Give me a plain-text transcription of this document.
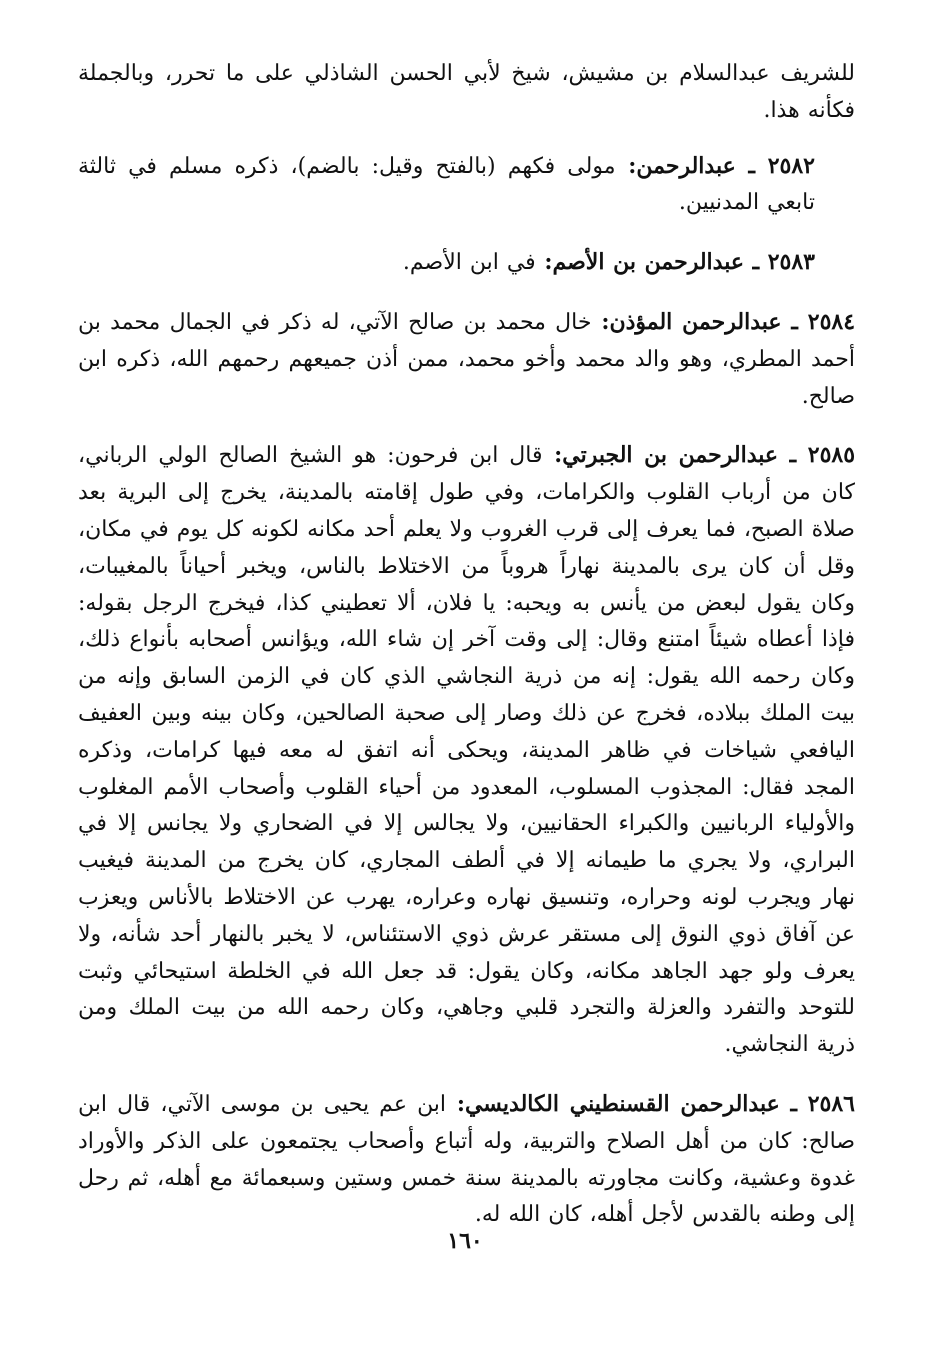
للشريف عبدالسلام بن مشيش، شيخ لأبي الحسن الشاذلي على ما تحرر، وبالجملة فكأنه هذا.

٢٥٨٢ ـ عبدالرحمن: مولى فكهم (بالفتح وقيل: بالضم)، ذكره مسلم في ثالثة تابعي المدنيين.

٢٥٨٣ ـ عبدالرحمن بن الأصم: في ابن الأصم.

٢٥٨٤ ـ عبدالرحمن المؤذن: خال محمد بن صالح الآتي، له ذكر في الجمال محمد بن أحمد المطري، وهو والد محمد وأخو محمد، ممن أذن جميعهم رحمهم الله، ذكره ابن صالح.

٢٥٨٥ ـ عبدالرحمن بن الجبرتي: قال ابن فرحون: هو الشيخ الصالح الولي الرباني، كان من أرباب القلوب والكرامات، وفي طول إقامته بالمدينة، يخرج إلى البرية بعد صلاة الصبح، فما يعرف إلى قرب الغروب ولا يعلم أحد مكانه لكونه كل يوم في مكان، وقل أن كان يرى بالمدينة نهاراً هروباً من الاختلاط بالناس، ويخبر أحياناً بالمغيبات، وكان يقول لبعض من يأنس به ويحبه: يا فلان، ألا تعطيني كذا، فيخرج الرجل بقوله: فإذا أعطاه شيئاً امتنع وقال: إلى وقت آخر إن شاء الله، ويؤانس أصحابه بأنواع ذلك، وكان رحمه الله يقول: إنه من ذرية النجاشي الذي كان في الزمن السابق وإنه من بيت الملك ببلاده، فخرج عن ذلك وصار إلى صحبة الصالحين، وكان بينه وبين العفيف اليافعي شياخات في ظاهر المدينة، ويحكى أنه اتفق له معه فيها كرامات، وذكره المجد فقال: المجذوب المسلوب، المعدود من أحياء القلوب وأصحاب الأمم المغلوب والأولياء الربانيين والكبراء الحقانيين، ولا يجالس إلا في الضحاري ولا يجانس إلا في البراري، ولا يجري ما طيمانه إلا في ألطف المجاري، كان يخرج من المدينة فيغيب نهار ويجرب لونه وحراره، وتنسيق نهاره وعراره، يهرب عن الاختلاط بالأناس ويعزب عن آفاق ذوي النوق إلى مستقر عرش ذوي الاستئناس، لا يخبر بالنهار أحد شأنه، ولا يعرف ولو جهد الجاهد مكانه، وكان يقول: قد جعل الله في الخلطة استيحائي وثبت للتوحد والتفرد والعزلة والتجرد قلبي وجاهي، وكان رحمه الله من بيت الملك ومن ذرية النجاشي.

٢٥٨٦ ـ عبدالرحمن القسنطيني الكالديسي: ابن عم يحيى بن موسى الآتي، قال ابن صالح: كان من أهل الصلاح والتربية، وله أتباع وأصحاب يجتمعون على الذكر والأوراد غدوة وعشية، وكانت مجاورته بالمدينة سنة خمس وستين وسبعمائة مع أهله، ثم رحل إلى وطنه بالقدس لأجل أهله، كان الله له.

١٦٠
